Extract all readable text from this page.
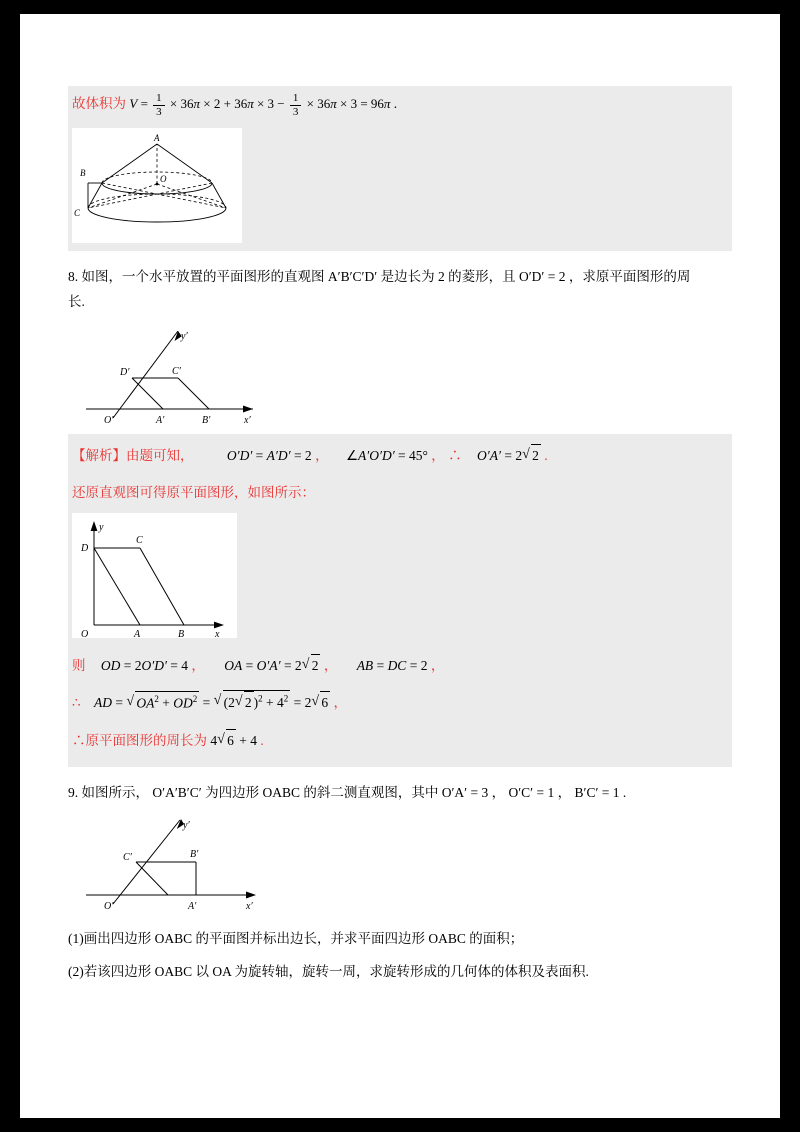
故体积为 $V = \frac{1}{3} \times 36\pi \times 2 + 36\pi \times 3 - \frac{1}{3} \times 36\pi \times 3 = 96\pi$ .
A
O
B
C

8. 如图，一个水平放置的平面图形的直观图 A′B′C′D′ 是边长为 2 的菱形，且 O′D′ = 2 ，求原平面图形的周

长.

y′
x′
D′	C′
O′	A′	B′

【解析】由题可知， O′D′ = A′D′ = 2 ， ∠A′O′D′ = 45° ， ∴ O′A′ = 2 √ 2 .

还原直观图可得原平面图形，如图所示：

y
x
D
C
O	A	B

则 OD = 2O′D′ = 4 ， OA = O′A′ = 2 √ 2 ， AB = DC = 2 ，

∴ AD = √ $OA^2 + OD^2$ = √ (2 √ 2 )$^2 + 4^2 = 2$ √ 6 ，

∴原平面图形的周长为 4 √ 6 + 4 .

9. 如图所示， O′A′B′C′ 为四边形 OABC 的斜二测直观图，其中 O′A′ = 3 ， O′C′ = 1 ， B′C′ = 1 .

y′
x′
C′	B′
O′	A′

(1)画出四边形 OABC 的平面图并标出边长，并求平面四边形 OABC 的面积；

(2)若该四边形 OABC 以 OA 为旋转轴，旋转一周，求旋转形成的几何体的体积及表面积.
